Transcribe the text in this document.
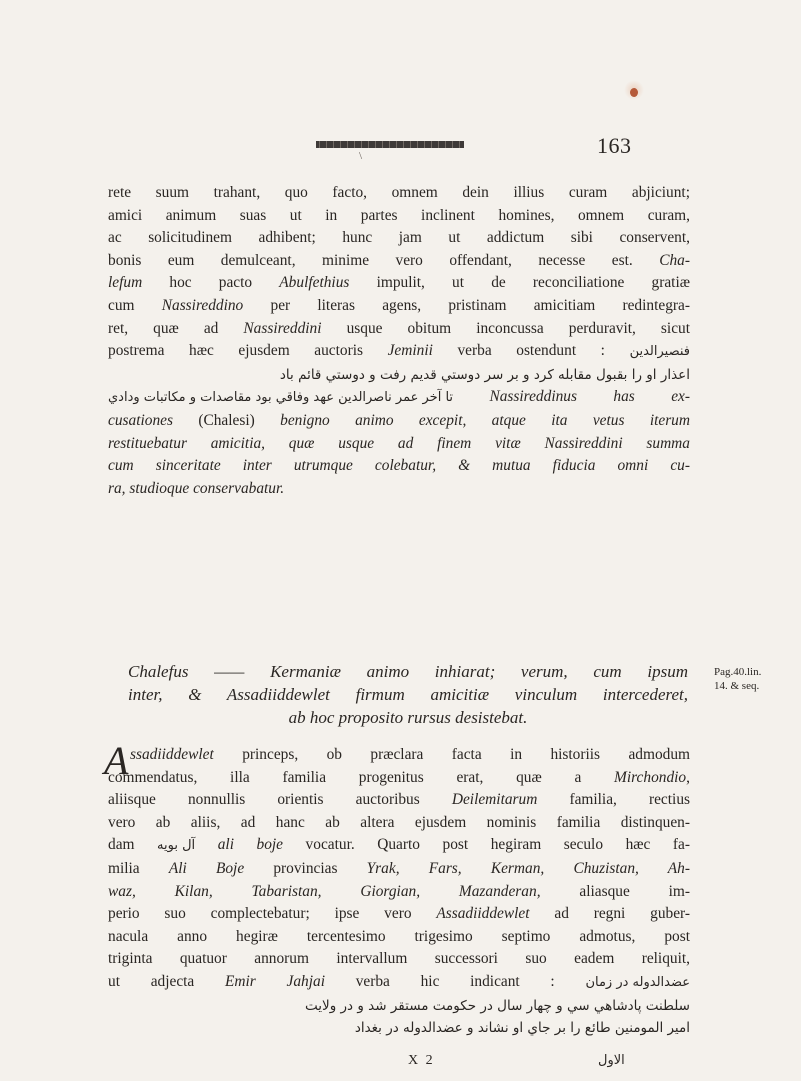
\	163
rete suum trahant, quo facto, omnem dein illius curam abjiciunt;
amici animum suas ut in partes inclinent homines, omnem curam,
ac solicitudinem adhibent; hunc jam ut addictum sibi conservent,
bonis eum demulceant, minime vero offendant, necesse est. Cha-
lefum hoc pacto Abulfethius impulit, ut de reconciliatione gratiæ
cum Nassireddino per literas agens, pristinam amicitiam redintegra-
ret, quæ ad Nassireddini usque obitum inconcussa perduravit, sicut
postrema hæc ejusdem auctoris Jeminii verba ostendunt : فنصيرالدين
اعذار او را بقبول مقابله كرد و بر سر دوستي قديم رفت و دوستي قائم باد
تا آخر عمر ناصرالدين عهد وفاقي بود مقاصدات و مكاتبات ودادي Nassireddinus has ex-
cusationes (Chalesi) benigno animo excepit, atque ita vetus iterum
restituebatur amicitia, quæ usque ad finem vitæ Nassireddini summa
cum sinceritate inter utrumque colebatur, & mutua fiducia omni cu-
ra, studioque conservabatur.
Chalefus —— Kermaniæ animo inhiarat; verum, cum ipsum
inter, & Assadiiddewlet firmum amicitiæ vinculum intercederet,
ab hoc proposito rursus desistebat.
Pag.40.lin.
14. & seq.
A ssadiiddewlet princeps, ob præclara facta in historiis admodum
commendatus, illa familia progenitus erat, quæ a Mirchondio,
aliisque nonnullis orientis auctoribus Deilemitarum familia, rectius
vero ab aliis, ad hanc ab altera ejusdem nominis familia distinquen-
dam آل بويه ali boje vocatur. Quarto post hegiram seculo hæc fa-
milia Ali Boje provincias Yrak, Fars, Kerman, Chuzistan, Ah-
waz, Kilan, Tabaristan, Giorgian, Mazanderan, aliasque im-
perio suo complectebatur; ipse vero Assadiiddewlet ad regni guber-
nacula anno hegiræ tercentesimo trigesimo septimo admotus, post
triginta quatuor annorum intervallum successori suo eadem reliquit,
ut adjecta Emir Jahjai verba hic indicant : عضدالدوله در زمان
سلطنت پادشاهي سي و چهار سال در حكومت مستقر شد و در ولايت
امير المومنين طائع را بر جاي او نشاند و عضدالدوله در بغداد
X 2	الاول
